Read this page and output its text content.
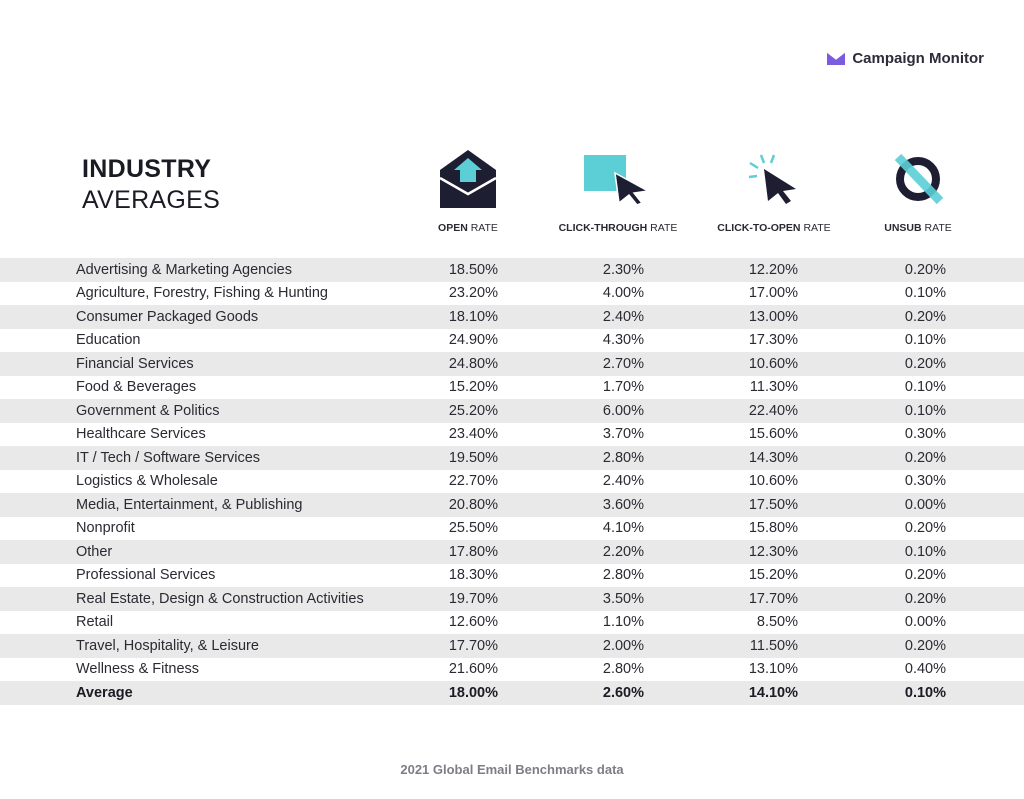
Campaign Monitor
INDUSTRY
AVERAGES
OPEN RATE	CLICK-THROUGH RATE	CLICK-TO-OPEN RATE	UNSUB RATE
Advertising & Marketing Agencies	18.50%	2.30%	12.20%	0.20%
Agriculture, Forestry, Fishing & Hunting	23.20%	4.00%	17.00%	0.10%
Consumer Packaged Goods	18.10%	2.40%	13.00%	0.20%
Education	24.90%	4.30%	17.30%	0.10%
Financial Services	24.80%	2.70%	10.60%	0.20%
Food & Beverages	15.20%	1.70%	11.30%	0.10%
Government & Politics	25.20%	6.00%	22.40%	0.10%
Healthcare Services	23.40%	3.70%	15.60%	0.30%
IT / Tech / Software Services	19.50%	2.80%	14.30%	0.20%
Logistics & Wholesale	22.70%	2.40%	10.60%	0.30%
Media, Entertainment, & Publishing	20.80%	3.60%	17.50%	0.00%
Nonprofit	25.50%	4.10%	15.80%	0.20%
Other	17.80%	2.20%	12.30%	0.10%
Professional Services	18.30%	2.80%	15.20%	0.20%
Real Estate, Design & Construction Activities	19.70%	3.50%	17.70%	0.20%
Retail	12.60%	1.10%	8.50%	0.00%
Travel, Hospitality, & Leisure	17.70%	2.00%	11.50%	0.20%
Wellness & Fitness	21.60%	2.80%	13.10%	0.40%
Average	18.00%	2.60%	14.10%	0.10%
2021 Global Email Benchmarks data
